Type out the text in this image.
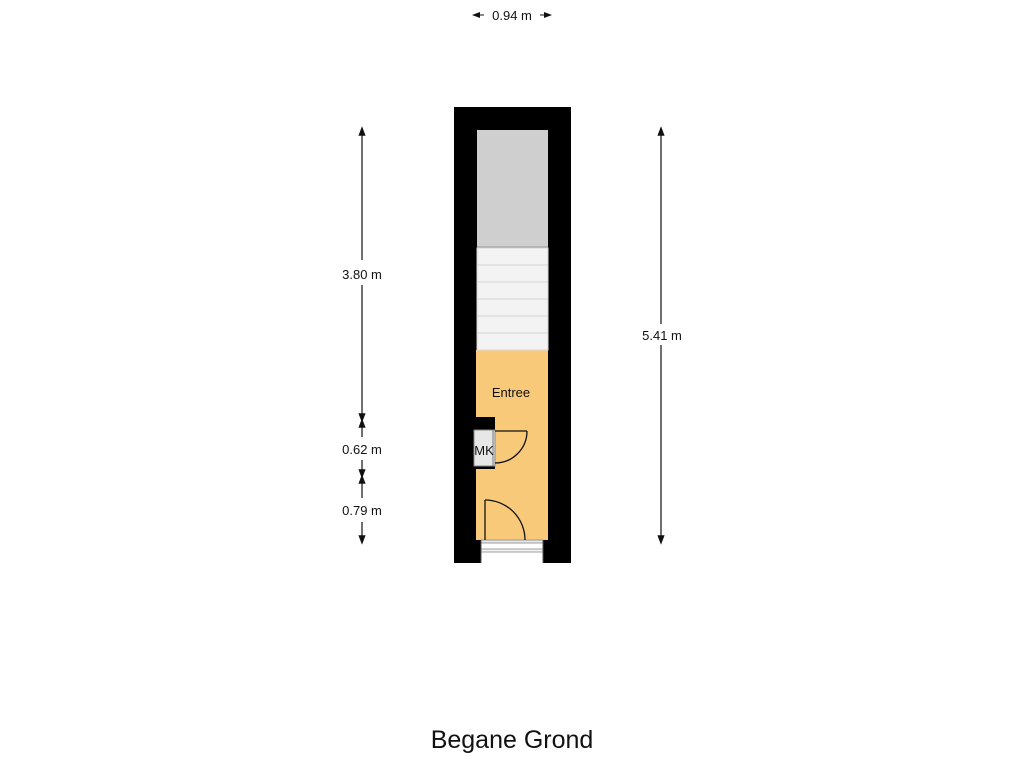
Entree
MK
0.94 m
5.41 m
3.80 m
0.62 m
0.79 m
Begane Grond
